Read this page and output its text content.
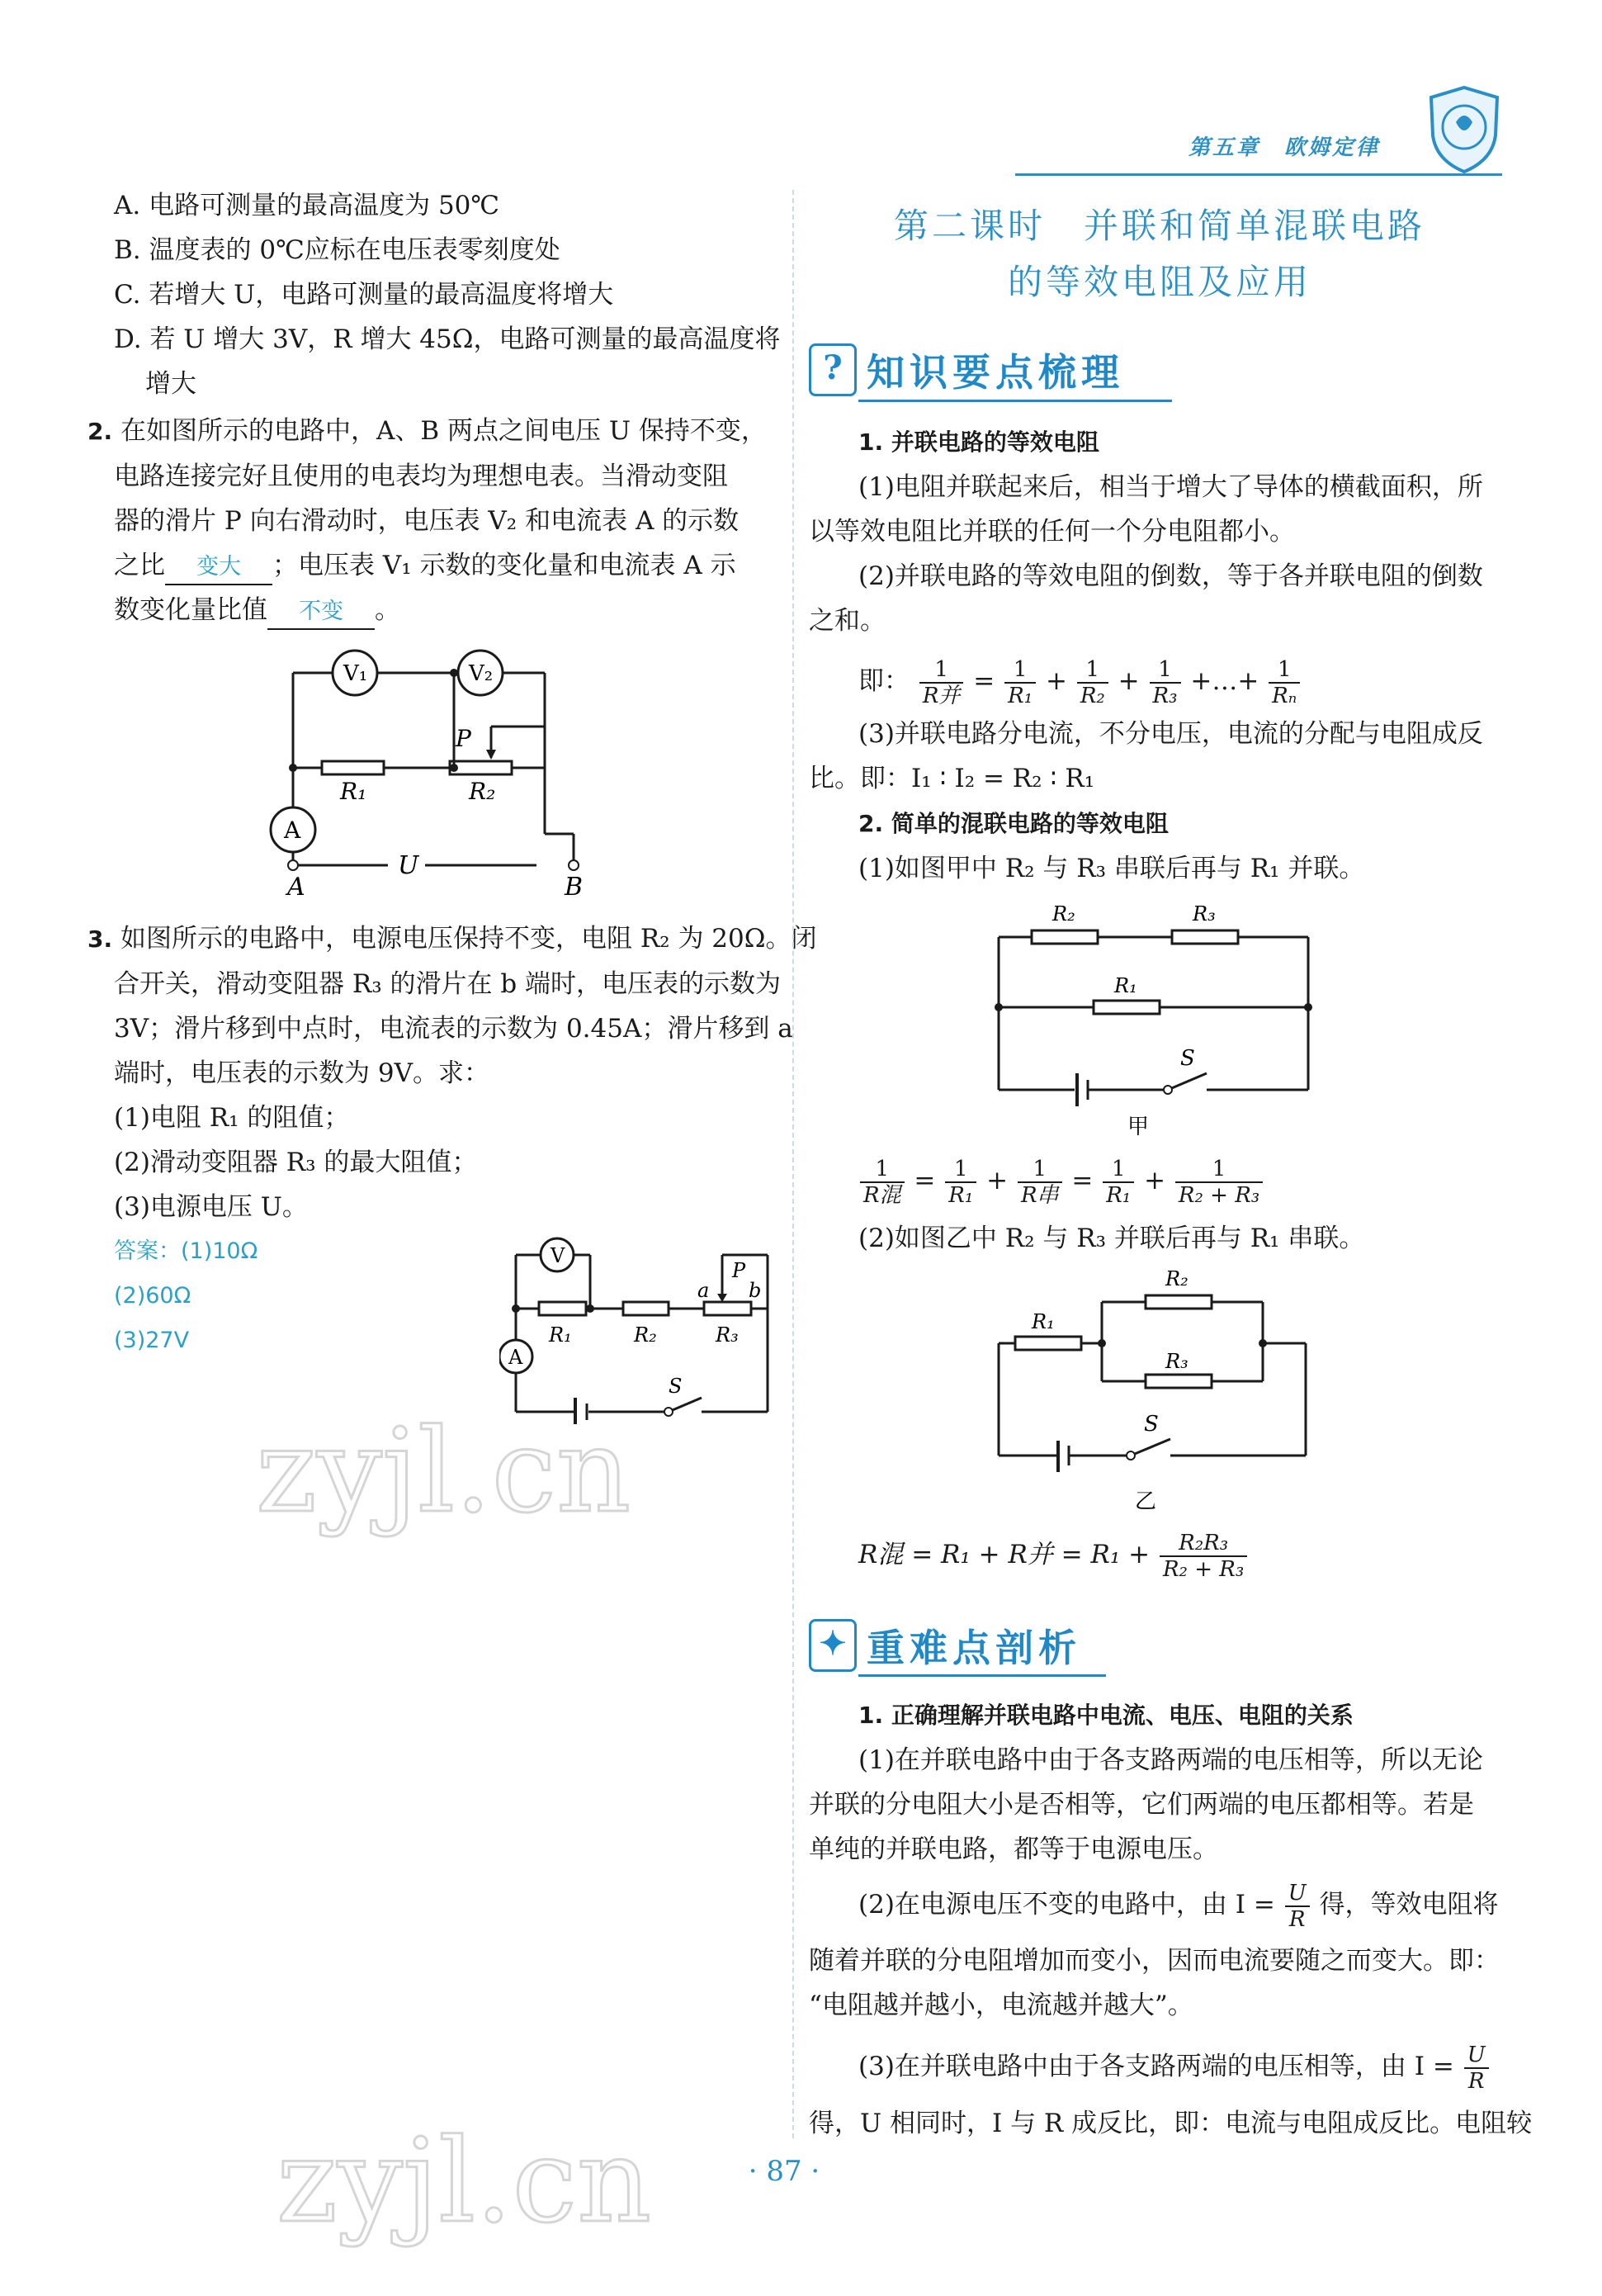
第五章　欧姆定律
A. 电路可测量的最高温度为 50℃
B. 温度表的 0℃应标在电压表零刻度处
C. 若增大 U，电路可测量的最高温度将增大
D. 若 U 增大 3V，R 增大 45Ω，电路可测量的最高温度将
增大
2. 在如图所示的电路中，A、B 两点之间电压 U 保持不变，
电路连接完好且使用的电表均为理想电表。当滑动变阻
器的滑片 P 向右滑动时，电压表 V₂ 和电流表 A 的示数
之比 变大 ；电压表 V₁ 示数的变化量和电流表 A 示
数变化量比值 不变 。
V₁	V₂
A
P
R₁	R₂
U
A	B
3. 如图所示的电路中，电源电压保持不变，电阻 R₂ 为 20Ω。闭
合开关，滑动变阻器 R₃ 的滑片在 b 端时，电压表的示数为
3V；滑片移到中点时，电流表的示数为 0.45A；滑片移到 a
端时，电压表的示数为 9V。求：
(1)电阻 R₁ 的阻值；
(2)滑动变阻器 R₃ 的最大阻值；
(3)电源电压 U。
答案：(1)10Ω
(2)60Ω
(3)27V
V
A
P
a b
R₁	R₂	R₃
S
zyjl.cn
zyjl.cn
第二课时　并联和简单混联电路
的等效电阻及应用
? 知识要点梳理
1. 并联电路的等效电阻
(1)电阻并联起来后，相当于增大了导体的横截面积，所
以等效电阻比并联的任何一个分电阻都小。
(2)并联电路的等效电阻的倒数，等于各并联电阻的倒数
之和。
即： $\frac{1}{\text{R并}} = \frac{1}{\text{R₁}} + \frac{1}{\text{R₂}} + \frac{1}{\text{R₃}}$ +…+ $\frac{1}{\text{Rₙ}}$
(3)并联电路分电流，不分电压，电流的分配与电阻成反
比。即：I₁ ∶ I₂ = R₂ ∶ R₁
2. 简单的混联电路的等效电阻
(1)如图甲中 R₂ 与 R₃ 串联后再与 R₁ 并联。
R₂	R₃
R₁
S
甲
$\frac{1}{\text{R混}} = \frac{1}{\text{R₁}} + \frac{1}{\text{R串}} = \frac{1}{\text{R₁}} + \frac{1}{\text{R₂ + R₃}}$
(2)如图乙中 R₂ 与 R₃ 并联后再与 R₁ 串联。
R₁
R₂
R₃
S
乙
R混 = R₁ + R并 = $R_1 + \frac{\text{R₂R₃}}{\text{R₂ + R₃}}$
✦ 重难点剖析
1. 正确理解并联电路中电流、电压、电阻的关系
(1)在并联电路中由于各支路两端的电压相等，所以无论
并联的分电阻大小是否相等，它们两端的电压都相等。若是
单纯的并联电路，都等于电源电压。
(2)在电源电压不变的电路中，由 $I = \frac{U}{R}$ 得，等效电阻将
随着并联的分电阻增加而变小，因而电流要随之而变大。即：
“电阻越并越小，电流越并越大”。
(3)在并联电路中由于各支路两端的电压相等，由 $I = \frac{U}{R}$
得，U 相同时，I 与 R 成反比，即：电流与电阻成反比。电阻较
· 87 ·
